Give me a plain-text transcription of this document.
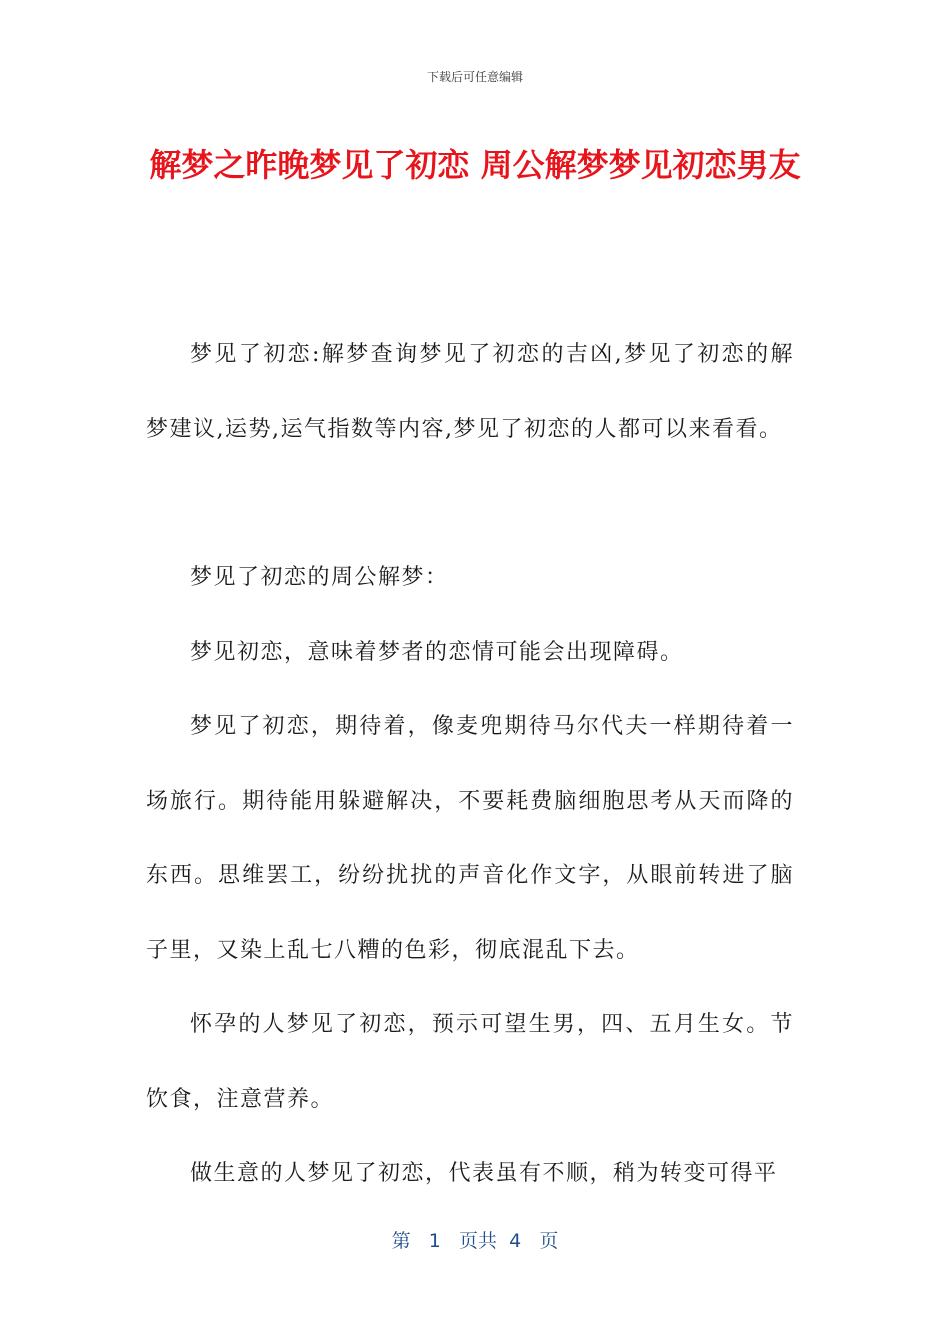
下载后可任意编辑
解梦之昨晚梦见了初恋 周公解梦梦见初恋男友

梦见了初恋:解梦查询梦见了初恋的吉凶,梦见了初恋的解梦建议,运势,运气指数等内容,梦见了初恋的人都可以来看看。

梦见了初恋的周公解梦：

梦见初恋，意味着梦者的恋情可能会出现障碍。

梦见了初恋，期待着，像麦兜期待马尔代夫一样期待着一场旅行。期待能用躲避解决，不要耗费脑细胞思考从天而降的东西。思维罢工，纷纷扰扰的声音化作文字，从眼前转进了脑子里，又染上乱七八糟的色彩，彻底混乱下去。

怀孕的人梦见了初恋，预示可望生男，四、五月生女。节饮食，注意营养。

做生意的人梦见了初恋，代表虽有不顺，稍为转变可得平

第 1 页共 4 页
